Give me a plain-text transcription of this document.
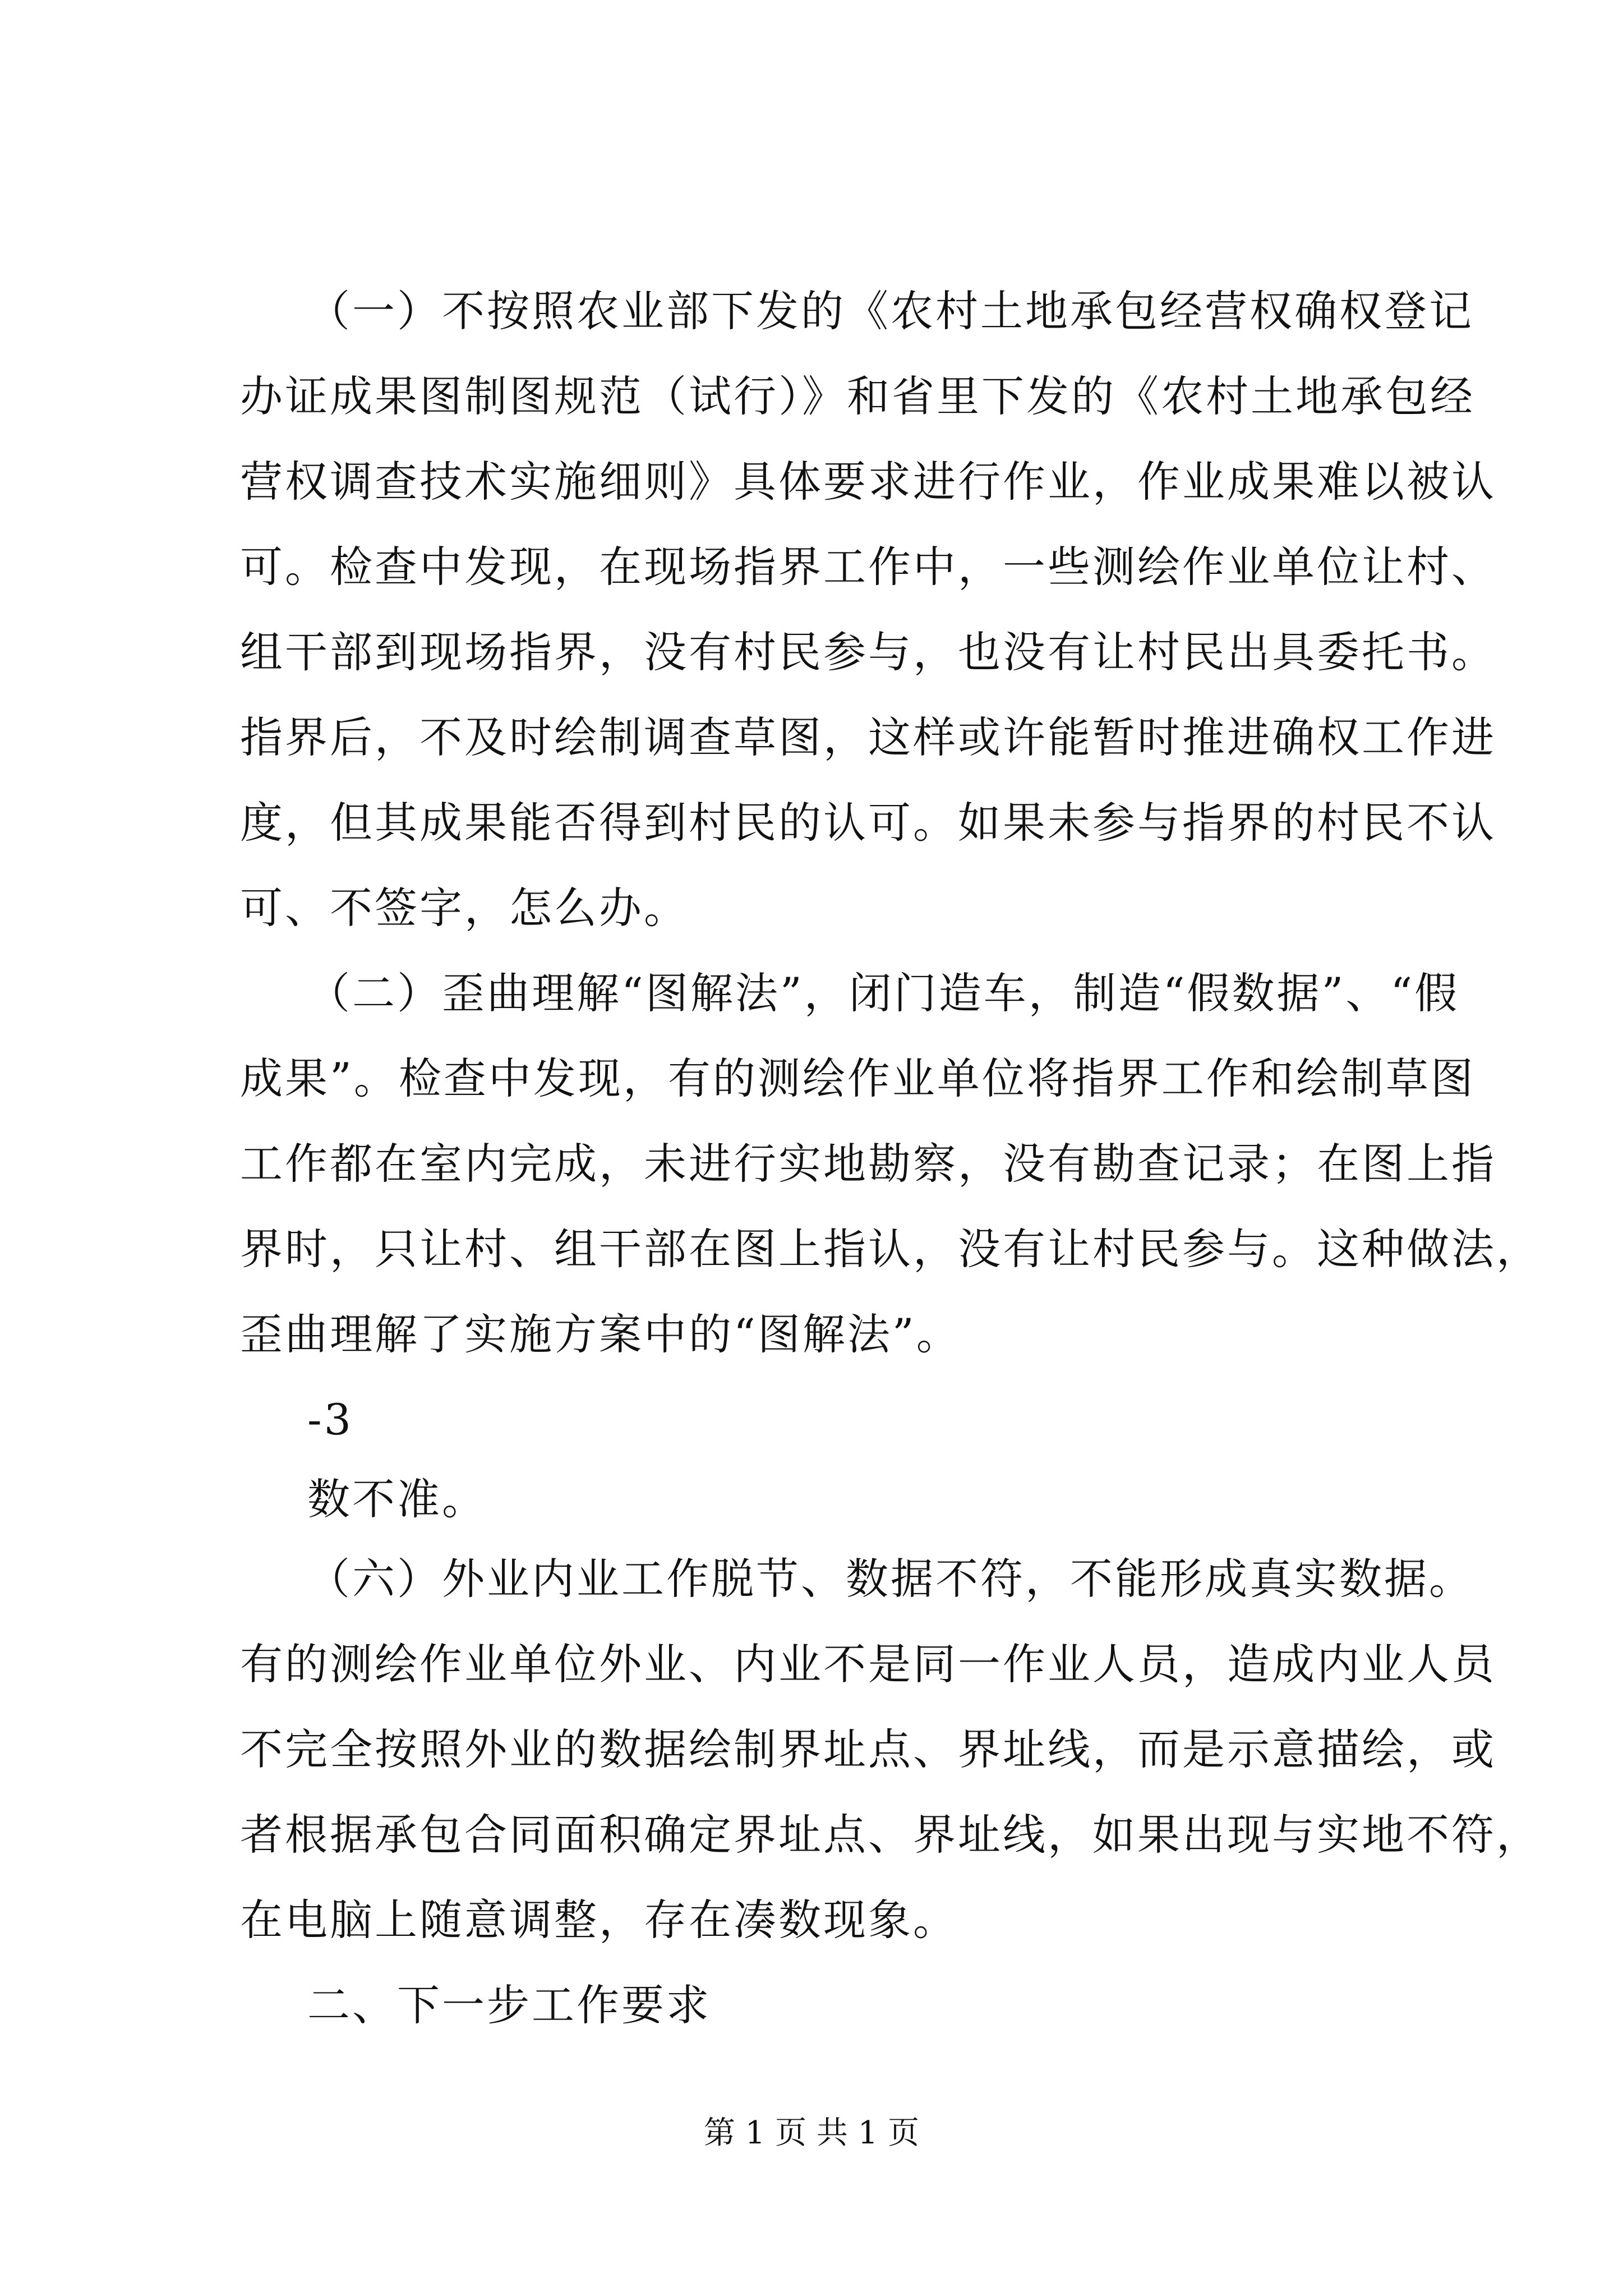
（一）不按照农业部下发的《农村土地承包经营权确权登记

办证成果图制图规范（试行）》和省里下发的《农村土地承包经

营权调查技术实施细则》具体要求进行作业，作业成果难以被认

可。检查中发现，在现场指界工作中，一些测绘作业单位让村、

组干部到现场指界，没有村民参与，也没有让村民出具委托书。

指界后，不及时绘制调查草图，这样或许能暂时推进确权工作进

度，但其成果能否得到村民的认可。如果未参与指界的村民不认

可、不签字，怎么办。

（二）歪曲理解“图解法”，闭门造车，制造“假数据”、“假

成果”。检查中发现，有的测绘作业单位将指界工作和绘制草图

工作都在室内完成，未进行实地勘察，没有勘查记录；在图上指

界时，只让村、组干部在图上指认，没有让村民参与。这种做法，

歪曲理解了实施方案中的“图解法”。

-3

数不准。

（六）外业内业工作脱节、数据不符，不能形成真实数据。

有的测绘作业单位外业、内业不是同一作业人员，造成内业人员

不完全按照外业的数据绘制界址点、界址线，而是示意描绘，或

者根据承包合同面积确定界址点、界址线，如果出现与实地不符，

在电脑上随意调整，存在凑数现象。

二、下一步工作要求

第 1 页 共 1 页
